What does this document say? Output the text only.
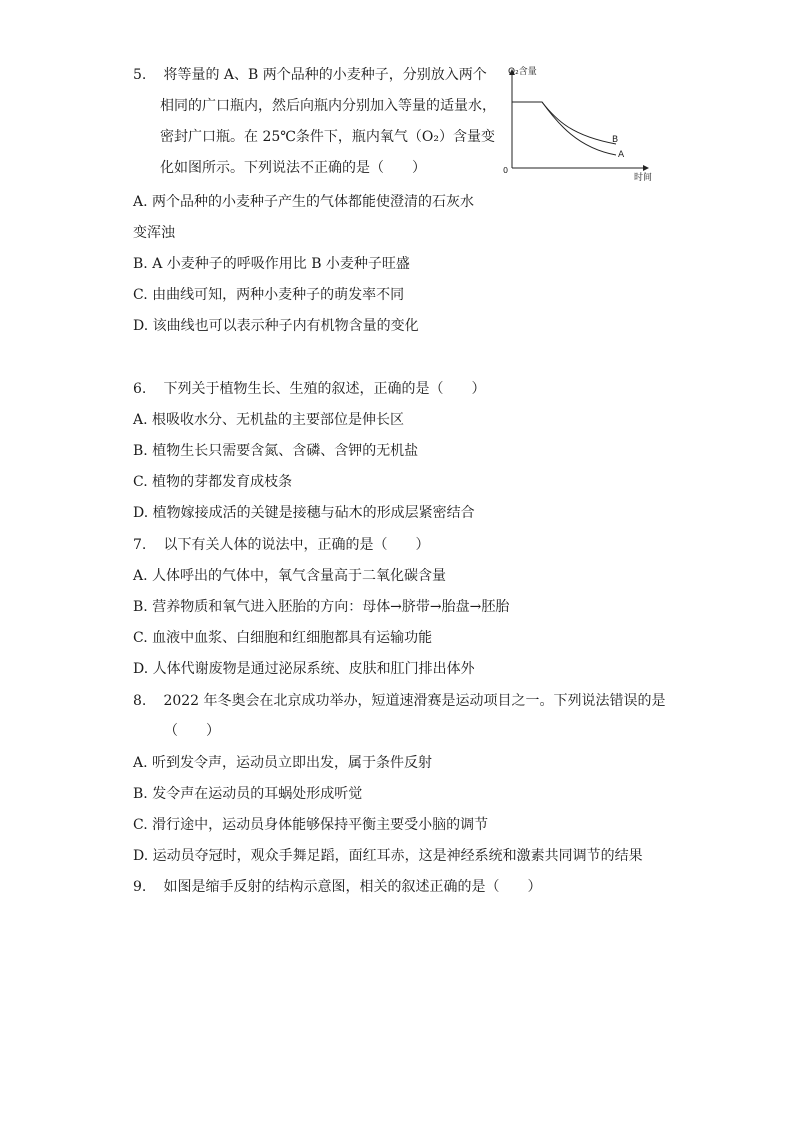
5. 将等量的 A、B 两个品种的小麦种子，分别放入两个
相同的广口瓶内，然后向瓶内分别加入等量的适量水，
密封广口瓶。在 25℃条件下，瓶内氧气（O₂）含量变
化如图所示。下列说法不正确的是（　　）
O₂含量
时间
0
B
A
A. 两个品种的小麦种子产生的气体都能使澄清的石灰水
变浑浊
B. A 小麦种子的呼吸作用比 B 小麦种子旺盛
C. 由曲线可知，两种小麦种子的萌发率不同
D. 该曲线也可以表示种子内有机物含量的变化
6. 下列关于植物生长、生殖的叙述，正确的是（　　）
A. 根吸收水分、无机盐的主要部位是伸长区
B. 植物生长只需要含氮、含磷、含钾的无机盐
C. 植物的芽都发育成枝条
D. 植物嫁接成活的关键是接穗与砧木的形成层紧密结合
7. 以下有关人体的说法中，正确的是（　　）
A. 人体呼出的气体中，氧气含量高于二氧化碳含量
B. 营养物质和氧气进入胚胎的方向：母体→脐带→胎盘→胚胎
C. 血液中血浆、白细胞和红细胞都具有运输功能
D. 人体代谢废物是通过泌尿系统、皮肤和肛门排出体外
8. 2022 年冬奥会在北京成功举办，短道速滑赛是运动项目之一。下列说法错误的是
（　　）
A. 听到发令声，运动员立即出发，属于条件反射
B. 发令声在运动员的耳蜗处形成听觉
C. 滑行途中，运动员身体能够保持平衡主要受小脑的调节
D. 运动员夺冠时，观众手舞足蹈，面红耳赤，这是神经系统和激素共同调节的结果
9. 如图是缩手反射的结构示意图，相关的叙述正确的是（　　）
